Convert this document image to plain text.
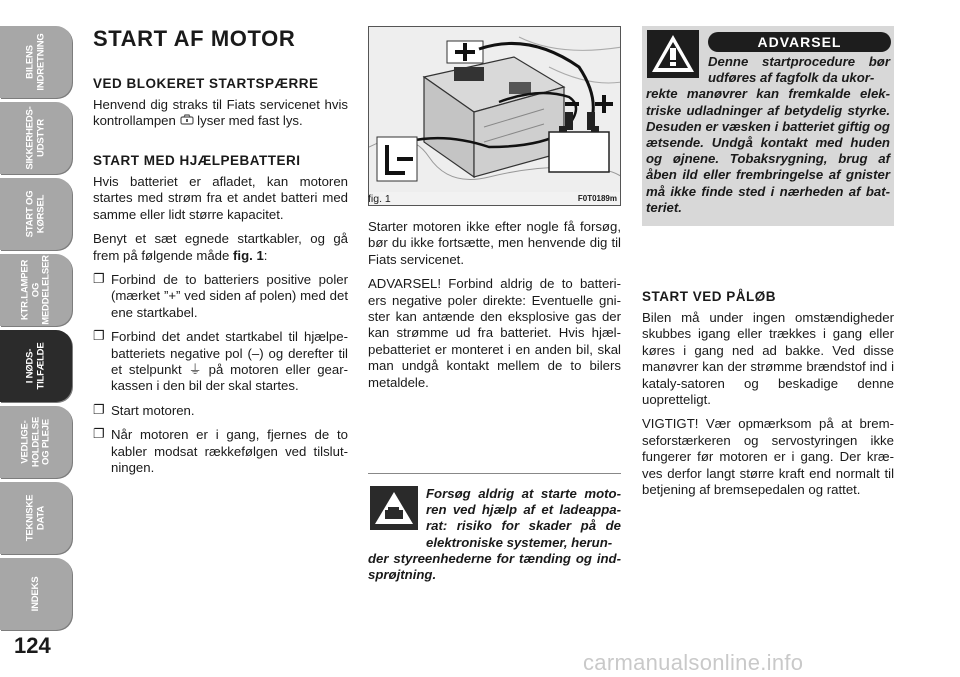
BILENS
INDRETNING
SIKKERHEDS-
UDSTYR
START OG
KØRSEL
KTR.LAMPER
OG
MEDDELELSER
I NØDS-
TILFÆLDE
VEDLIGE-
HOLDELSE
OG PLEJE
TEKNISKE
DATA
INDEKS
124
START AF MOTOR
VED BLOKERET STARTSPÆRRE

Henvend dig straks til Fiats servicenet hvis kontrollampen  lyser med fast lys.

START MED HJÆLPEBATTERI

Hvis batteriet er afladet, kan motoren startes med strøm fra et andet batteri med samme eller lidt større kapacitet.

Benyt et sæt egnede startkabler, og gå frem på følgende måde fig. 1:

❐ Forbind de to batteriers positive poler (mærket ”+” ved siden af polen) med det ene startkabel.
❐ Forbind det andet startkabel til hjælpe-batteriets negative pol (–) og derefter til et stelpunkt ⏚ på motoren eller gear-kassen i den bil der skal startes.
❐ Start motoren.
❐ Når motoren er i gang, fjernes de to kabler modsat rækkefølgen ved tilslut-ningen.
fig. 1	F0T0189m

Starter motoren ikke efter nogle få forsøg, bør du ikke fortsætte, men henvende dig til Fiats servicenet.

ADVARSEL! Forbind aldrig de to batteri-ers negative poler direkte: Eventuelle gni-ster kan antænde den eksplosive gas der kan strømme ud fra batteriet. Hvis hjæl-pebatteriet er monteret i en anden bil, skal man undgå kontakt mellem de to bilers metaldele.

Forsøg aldrig at starte moto-ren ved hjælp af et ladeappa-rat: risiko for skader på de elektroniske systemer, herun-
der styreenhederne for tænding og ind-sprøjtning.
ADVARSEL
Denne startprocedure bør udføres af fagfolk da ukor-
rekte manøvrer kan fremkalde elek-triske udladninger af betydelig styrke. Desuden er væsken i batteriet giftig og ætsende. Undgå kontakt med huden og øjnene. Tobaksrygning, brug af åben ild eller frembringelse af gnister må ikke finde sted i nærheden af bat-teriet.
START VED PÅLØB

Bilen må under ingen omstændigheder skubbes igang eller trækkes i gang eller køres i gang ned ad bakke. Ved disse manøvrer kan der strømme brændstof ind i kataly-satoren og beskadige denne uopretteligt.

VIGTIGT! Vær opmærksom på at brem-seforstærkeren og servostyringen ikke fungerer før motoren er i gang. Der kræ-ves derfor langt større kraft end normalt til betjening af bremsepedalen og rattet.

carmanualsonline.info
